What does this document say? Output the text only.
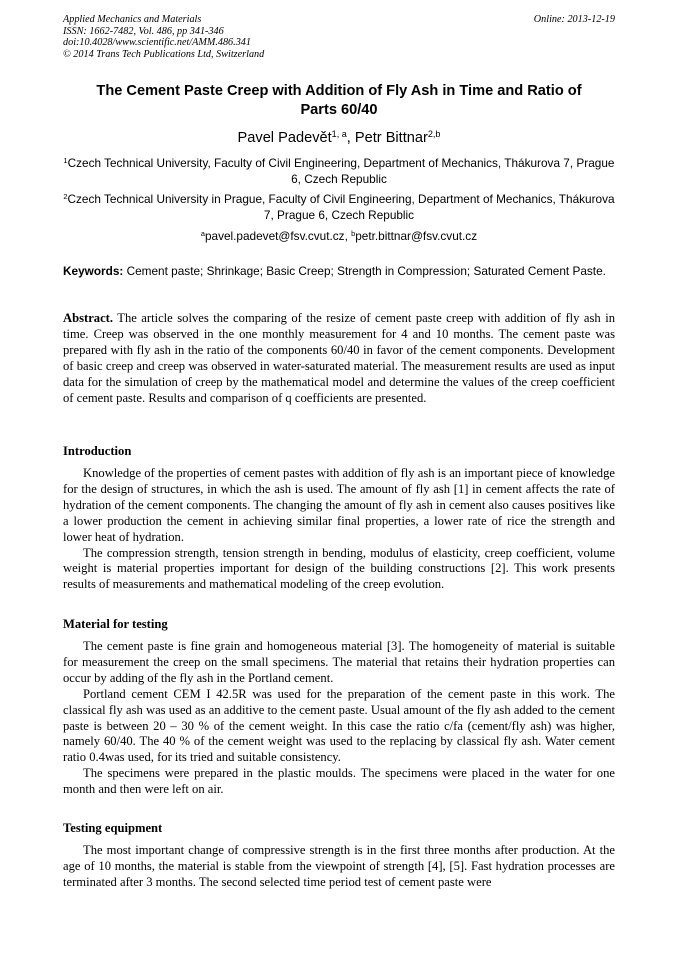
Applied Mechanics and Materials
ISSN: 1662-7482, Vol. 486, pp 341-346
doi:10.4028/www.scientific.net/AMM.486.341
© 2014 Trans Tech Publications Ltd, Switzerland
Online: 2013-12-19
The Cement Paste Creep with Addition of Fly Ash in Time and Ratio of
Parts 60/40
Pavel Padevět$^{1, a}$, Petr Bittnar$^{2,b}$
$^1$Czech Technical University, Faculty of Civil Engineering, Department of Mechanics, Thákurova 7, Prague 6, Czech Republic
$^2$Czech Technical University in Prague, Faculty of Civil Engineering, Department of Mechanics, Thákurova 7, Prague 6, Czech Republic
$^a$pavel.padevet@fsv.cvut.cz, $^b$petr.bittnar@fsv.cvut.cz
Keywords: Cement paste; Shrinkage; Basic Creep; Strength in Compression; Saturated Cement Paste.
Abstract. The article solves the comparing of the resize of cement paste creep with addition of fly ash in time. Creep was observed in the one monthly measurement for 4 and 10 months. The cement paste was prepared with fly ash in the ratio of the components 60/40 in favor of the cement components. Development of basic creep and creep was observed in water-saturated material. The measurement results are used as input data for the simulation of creep by the mathematical model and determine the values of the creep coefficient of cement paste. Results and comparison of q coefficients are presented.
Introduction

Knowledge of the properties of cement pastes with addition of fly ash is an important piece of knowledge for the design of structures, in which the ash is used. The amount of fly ash [1] in cement affects the rate of hydration of the cement components. The changing the amount of fly ash in cement also causes positives like a lower production the cement in achieving similar final properties, a lower rate of rice the strength and lower heat of hydration.

The compression strength, tension strength in bending, modulus of elasticity, creep coefficient, volume weight is material properties important for design of the building constructions [2]. This work presents results of measurements and mathematical modeling of the creep evolution.

Material for testing

The cement paste is fine grain and homogeneous material [3]. The homogeneity of material is suitable for measurement the creep on the small specimens. The material that retains their hydration properties can occur by adding of the fly ash in the Portland cement.

Portland cement CEM I 42.5R was used for the preparation of the cement paste in this work. The classical fly ash was used as an additive to the cement paste. Usual amount of the fly ash added to the cement paste is between 20 – 30 % of the cement weight. In this case the ratio c/fa (cement/fly ash) was higher, namely 60/40. The 40 % of the cement weight was used to the replacing by classical fly ash. Water cement ratio 0.4was used, for its tried and suitable consistency.

The specimens were prepared in the plastic moulds. The specimens were placed in the water for one month and then were left on air.

Testing equipment

The most important change of compressive strength is in the first three months after production. At the age of 10 months, the material is stable from the viewpoint of strength [4], [5]. Fast hydration processes are terminated after 3 months. The second selected time period test of cement paste were
